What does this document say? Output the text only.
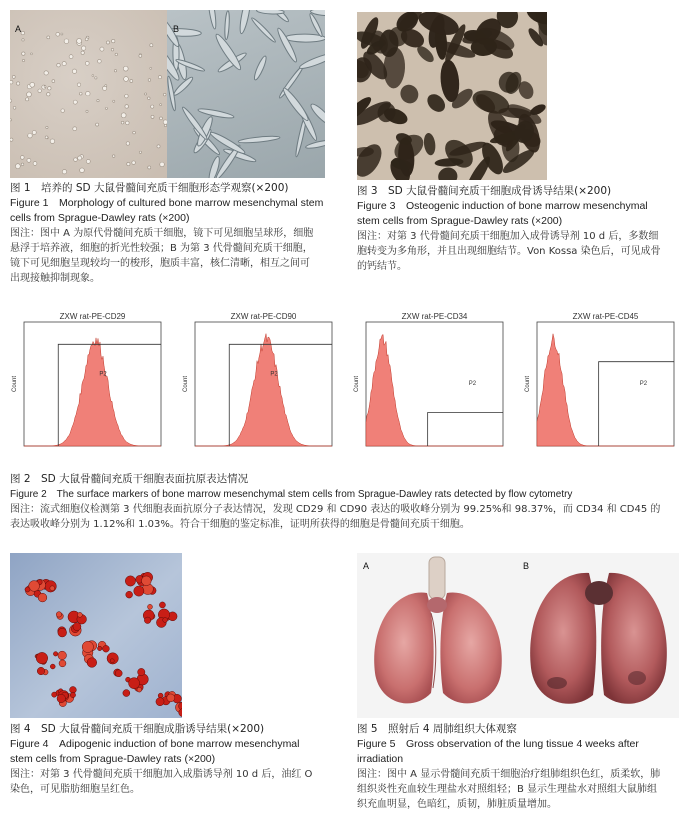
A	B
图 1　培养的 SD 大鼠骨髓间充质干细胞形态学观察(×200)
Figure 1　Morphology of cultured bone marrow mesenchymal stem
cells from Sprague-Dawley rats (×200)
图注：图中 A 为原代骨髓间充质干细胞，镜下可见细胞呈球形，细胞
悬浮于培养液，细胞的折光性较强；B 为第 3 代骨髓间充质干细胞，
镜下可见细胞呈现较均一的梭形，胞质丰富，核仁清晰，相互之间可
出现接触抑制现象。
图 3　SD 大鼠骨髓间充质干细胞成骨诱导结果(×200)
Figure 3　Osteogenic induction of bone marrow mesenchymal
stem cells from Sprague-Dawley rats (×200)
图注：对第 3 代骨髓间充质干细胞加入成骨诱导剂 10 d 后，多数细
胞转变为多角形，并且出现细胞结节。Von Kossa 染色后，可见成骨
的钙结节。
ZXW rat-PE-CD29
Count
P2
ZXW rat-PE-CD90
Count
P2
ZXW rat-PE-CD34
Count	P2
ZXW rat-PE-CD45
Count	P2
图 2　SD 大鼠骨髓间充质干细胞表面抗原表达情况
Figure 2　The surface markers of bone marrow mesenchymal stem cells from Sprague-Dawley rats detected by flow cytometry
图注：流式细胞仪检测第 3 代细胞表面抗原分子表达情况，发现 CD29 和 CD90 表达的吸收峰分别为 99.25%和 98.37%，而 CD34 和 CD45 的
表达吸收峰分别为 1.12%和 1.03%。符合干细胞的鉴定标准，证明所获得的细胞是骨髓间充质干细胞。
图 4　SD 大鼠骨髓间充质干细胞成脂诱导结果(×200)
Figure 4　Adipogenic induction of bone marrow mesenchymal
stem cells from Sprague-Dawley rats (×200)
图注：对第 3 代骨髓间充质干细胞加入成脂诱导剂 10 d 后，油红 O
染色，可见脂肪细胞呈红色。
A	B
图 5　照射后 4 周肺组织大体观察
Figure 5　Gross observation of the lung tissue 4 weeks after
irradiation
图注：图中 A 显示骨髓间充质干细胞治疗组肺组织色红，质柔软，肺
组织炎性充血较生理盐水对照组轻；B 显示生理盐水对照组大鼠肺组
织充血明显，色暗红，质韧，肺脏质量增加。
